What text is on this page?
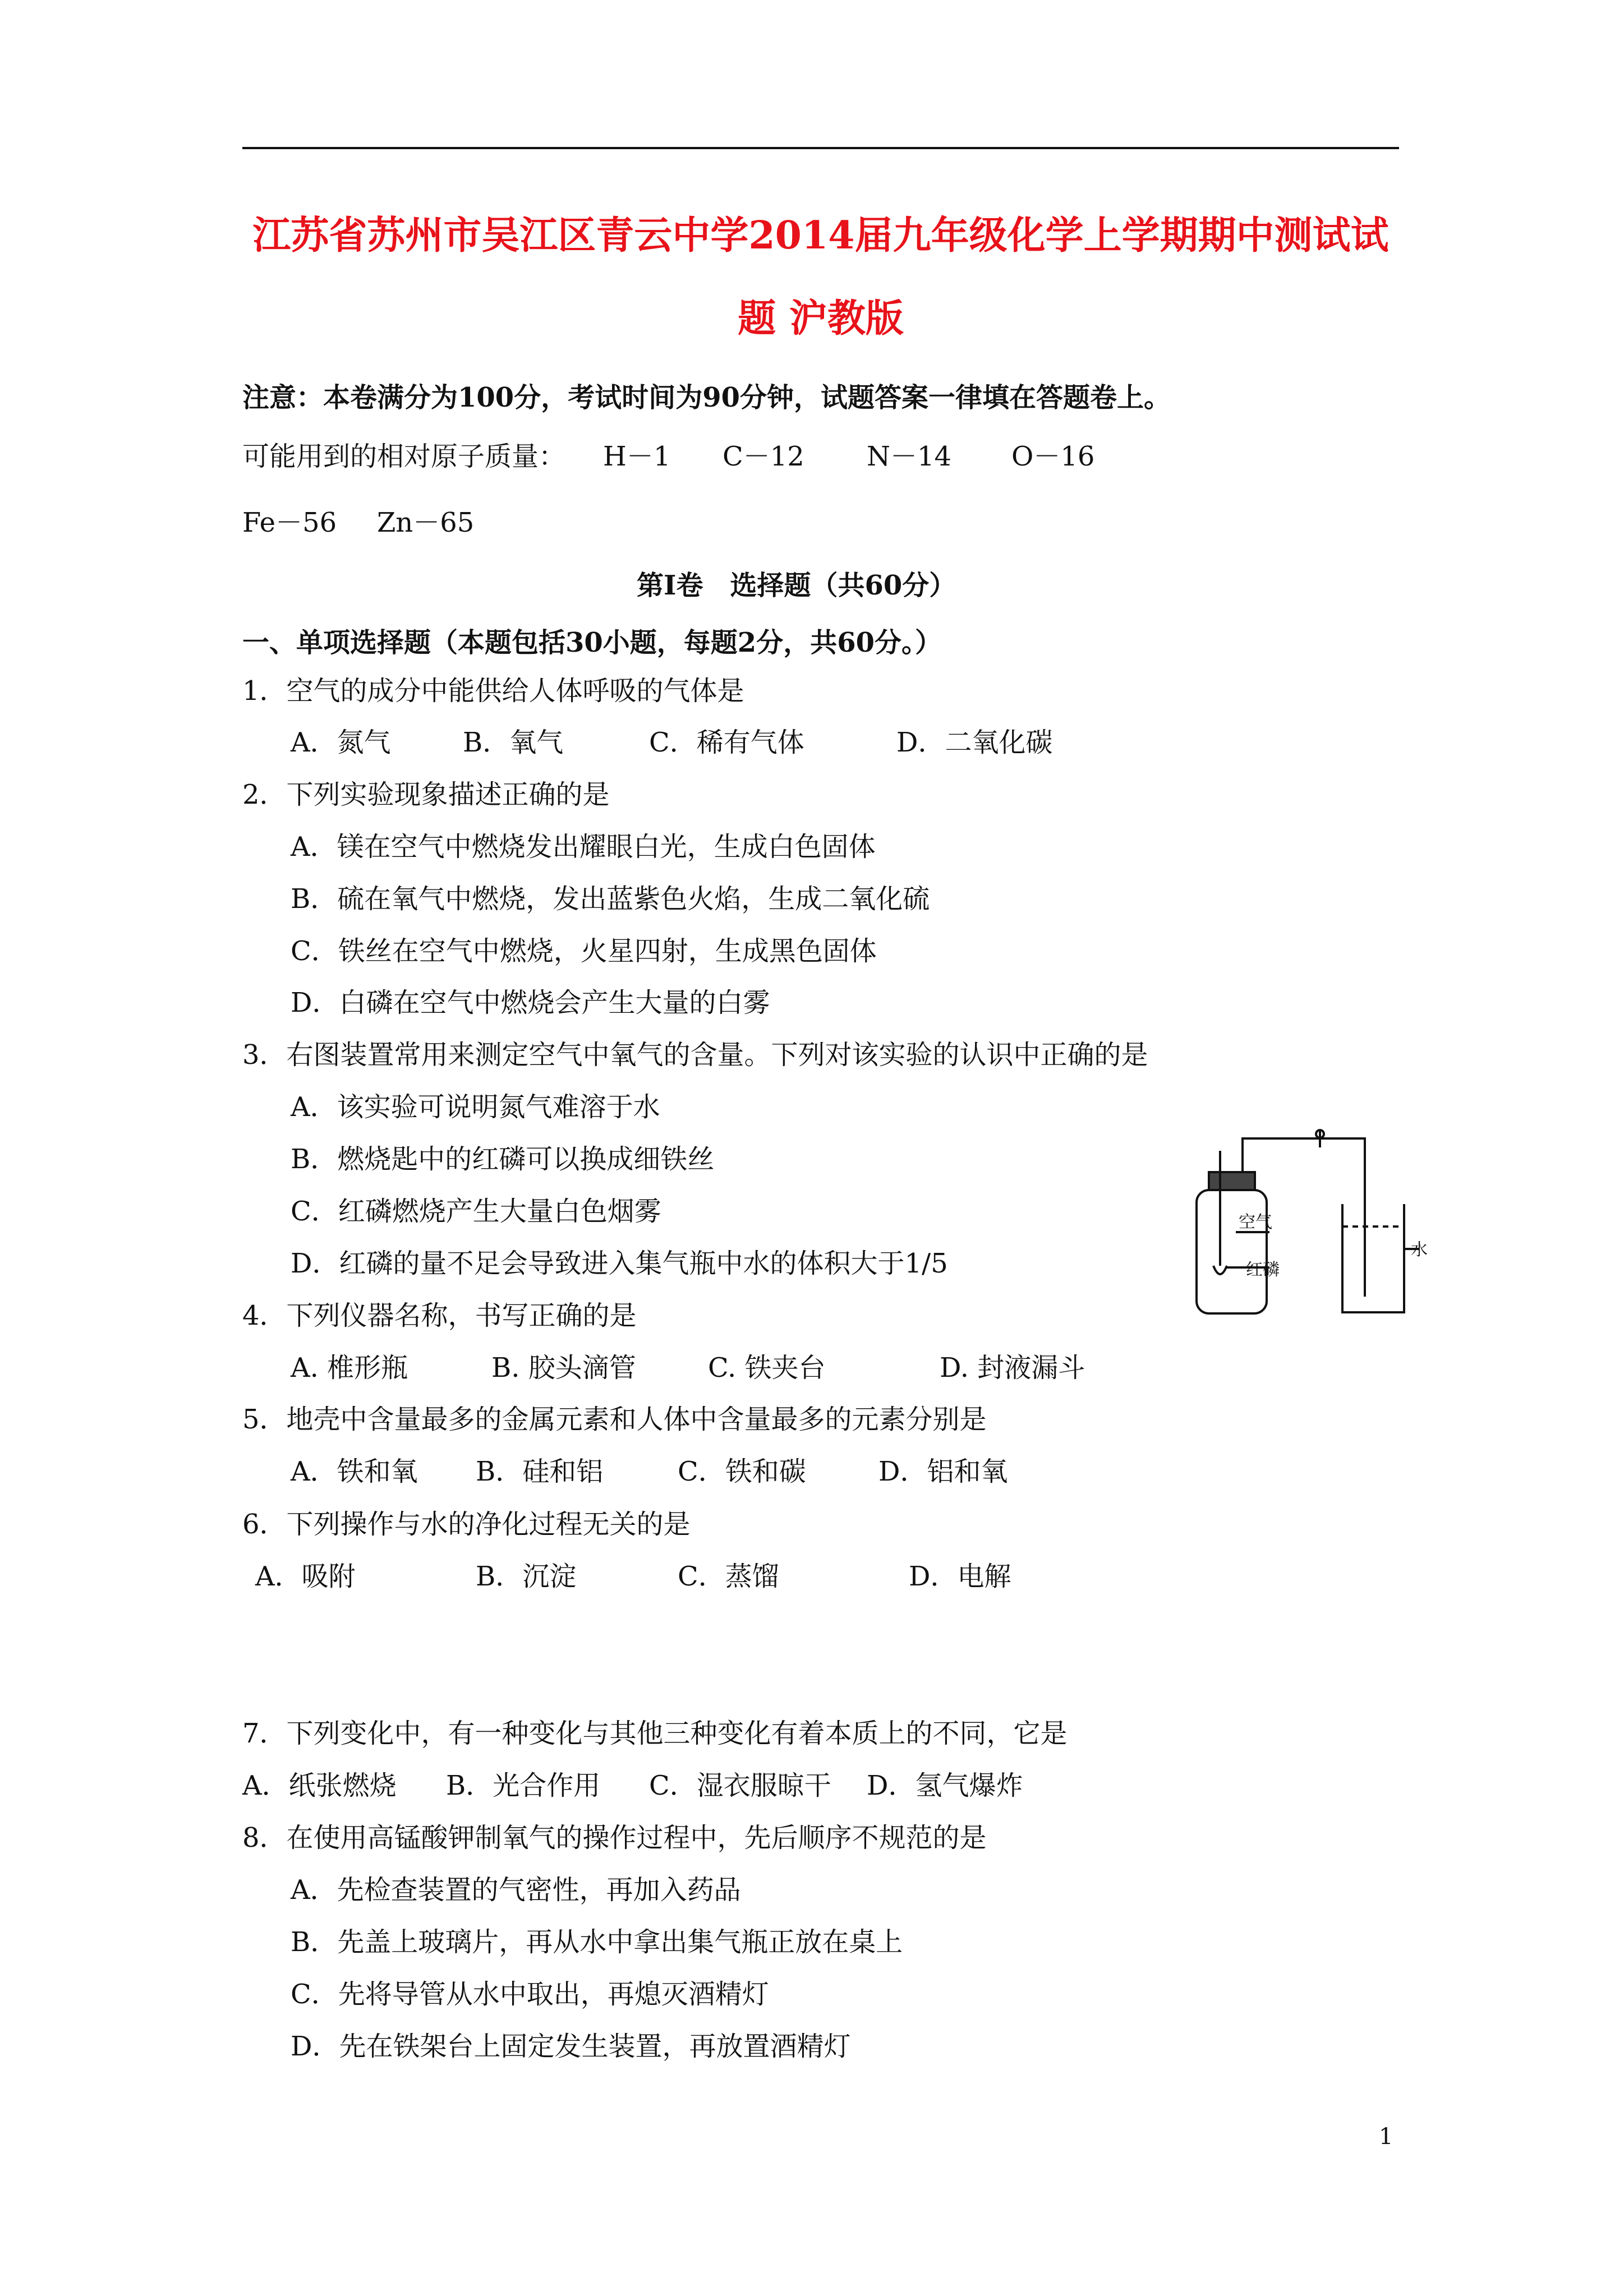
江苏省苏州市吴江区青云中学2014届九年级化学上学期期中测试试
题 沪教版
注意：本卷满分为100分，考试时间为90分钟，试题答案一律填在答题卷上。
可能用到的相对原子质量： H－1 C－12 N－14 O－16
Fe－56 Zn－65
第Ⅰ卷　选择题（共60分）
一、单项选择题（本题包括30小题，每题2分，共60分。）
1．空气的成分中能供给人体呼吸的气体是
A．氮气	B．氧气	C．稀有气体	D．二氧化碳
2．下列实验现象描述正确的是
A．镁在空气中燃烧发出耀眼白光，生成白色固体
B．硫在氧气中燃烧，发出蓝紫色火焰，生成二氧化硫
C．铁丝在空气中燃烧，火星四射，生成黑色固体
D．白磷在空气中燃烧会产生大量的白雾
3．右图装置常用来测定空气中氧气的含量。下列对该实验的认识中正确的是
A．该实验可说明氮气难溶于水
B．燃烧匙中的红磷可以换成细铁丝
C．红磷燃烧产生大量白色烟雾
D．红磷的量不足会导致进入集气瓶中水的体积大于1/5
空气
红磷
水
4．下列仪器名称，书写正确的是
A. 椎形瓶	B. 胶头滴管	C. 铁夹台	D. 封液漏斗
5．地壳中含量最多的金属元素和人体中含量最多的元素分别是
A．铁和氧 B．硅和铝	C．铁和碳	D．铝和氧
6．下列操作与水的净化过程无关的是
A．吸附	B．沉淀	C．蒸馏	D．电解
7．下列变化中，有一种变化与其他三种变化有着本质上的不同，它是
A．纸张燃烧 B．光合作用 C．湿衣服晾干 D．氢气爆炸
8．在使用高锰酸钾制氧气的操作过程中，先后顺序不规范的是
A．先检查装置的气密性，再加入药品
B．先盖上玻璃片，再从水中拿出集气瓶正放在桌上
C．先将导管从水中取出，再熄灭酒精灯
D．先在铁架台上固定发生装置，再放置酒精灯
1
